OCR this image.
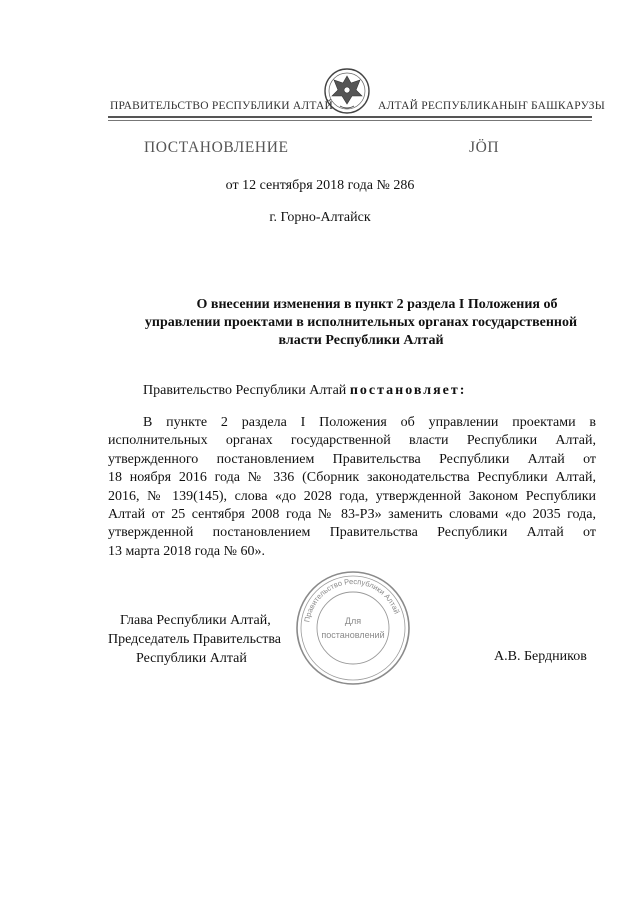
ПРАВИТЕЛЬСТВО РЕСПУБЛИКИ АЛТАЙ	АЛТАЙ РЕСПУБЛИКАНЫҤ БАШКАРУЗЫ
ПОСТАНОВЛЕНИЕ	ЈÖП
от 12 сентября 2018 года № 286
г. Горно-Алтайск
О внесении изменения в пункт 2 раздела I Положения об
управлении проектами в исполнительных органах государственной
власти Республики Алтай
Правительство Республики Алтай постановляет:
В пункте 2 раздела I Положения об управлении проектами в
исполнительных органах государственной власти Республики Алтай,
утвержденного постановлением Правительства Республики Алтай от
18 ноября 2016 года № 336 (Сборник законодательства Республики Алтай,
2016, № 139(145), слова «до 2028 года, утвержденной Законом Республики
Алтай от 25 сентября 2008 года № 83-РЗ» заменить словами «до 2035 года,
утвержденной постановлением Правительства Республики Алтай от
13 марта 2018 года № 60».
Правительство Республики Алтай
Для
постановлений
Глава Республики Алтай,
Председатель Правительства
Республики Алтай	А.В. Бердников
